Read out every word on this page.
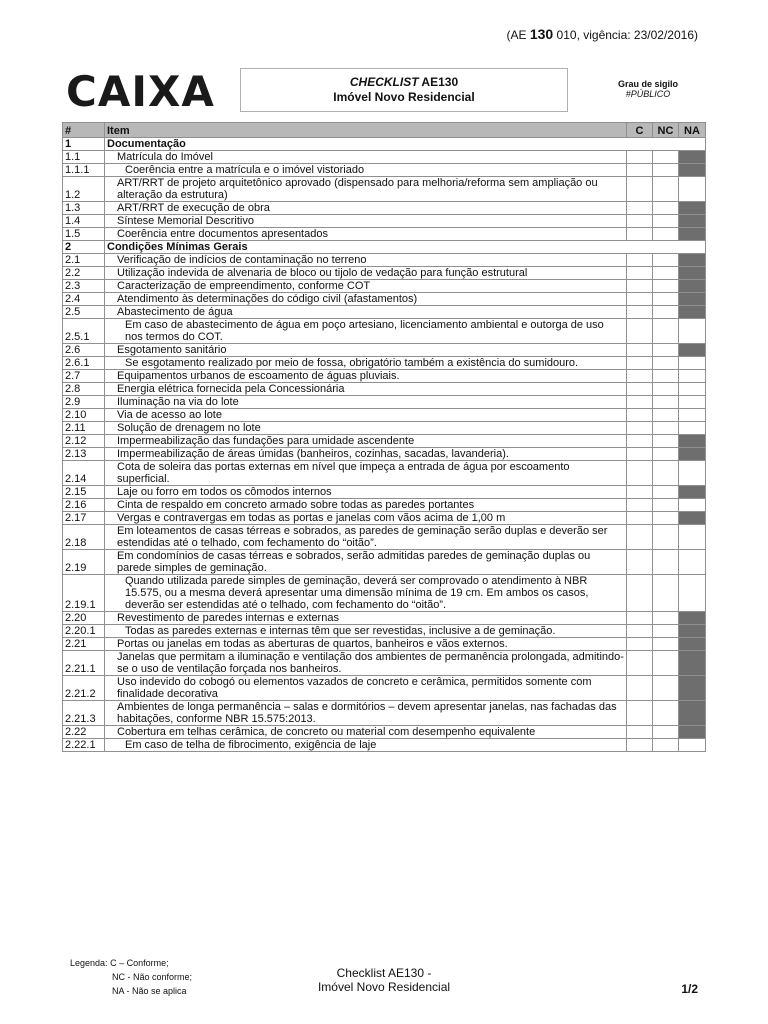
(AE 130 010, vigência: 23/02/2016)
CAIXA	CHECKLIST AE130
Imóvel Novo Residencial
Grau de sigilo
#PÚBLICO
#	Item	C	NC	NA
1	Documentação			
1.1	Matrícula do Imóvel			
1.1.1	Coerência entre a matrícula e o imóvel vistoriado			
1.2	ART/RRT de projeto arquitetônico aprovado (dispensado para melhoria/reforma sem ampliação ou alteração da estrutura)			
1.3	ART/RRT de execução de obra			
1.4	Síntese Memorial Descritivo			
1.5	Coerência entre documentos apresentados			
2	Condições Mínimas Gerais			
2.1	Verificação de indícios de contaminação no terreno			
2.2	Utilização indevida de alvenaria de bloco ou tijolo de vedação para função estrutural			
2.3	Caracterização de empreendimento, conforme COT			
2.4	Atendimento às determinações do código civil (afastamentos)			
2.5	Abastecimento de água			
2.5.1	Em caso de abastecimento de água em poço artesiano, licenciamento ambiental e outorga de uso nos termos do COT.			
2.6	Esgotamento sanitário			
2.6.1	Se esgotamento realizado por meio de fossa, obrigatório também a existência do sumidouro.			
2.7	Equipamentos urbanos de escoamento de águas pluviais.			
2.8	Energia elétrica fornecida pela Concessionária			
2.9	Iluminação na via do lote			
2.10	Via de acesso ao lote			
2.11	Solução de drenagem no lote			
2.12	Impermeabilização das fundações para umidade ascendente			
2.13	Impermeabilização de áreas úmidas (banheiros, cozinhas, sacadas, lavanderia).			
2.14	Cota de soleira das portas externas em nível que impeça a entrada de água por escoamento superficial.			
2.15	Laje ou forro em todos os cômodos internos			
2.16	Cinta de respaldo em concreto armado sobre todas as paredes portantes			
2.17	Vergas e contravergas em todas as portas e janelas com vãos acima de 1,00 m			
2.18	Em loteamentos de casas térreas e sobrados, as paredes de geminação serão duplas e deverão ser estendidas até o telhado, com fechamento do “oitão”.			
2.19	Em condomínios de casas térreas e sobrados, serão admitidas paredes de geminação duplas ou parede simples de geminação.			
2.19.1	Quando utilizada parede simples de geminação, deverá ser comprovado o atendimento à NBR 15.575, ou a mesma deverá apresentar uma dimensão mínima de 19 cm. Em ambos os casos, deverão ser estendidas até o telhado, com fechamento do “oitão”.			
2.20	Revestimento de paredes internas e externas			
2.20.1	Todas as paredes externas e internas têm que ser revestidas, inclusive a de geminação.			
2.21	Portas ou janelas em todas as aberturas de quartos, banheiros e vãos externos.			
2.21.1	Janelas que permitam a iluminação e ventilação dos ambientes de permanência prolongada, admitindo-se o uso de ventilação forçada nos banheiros.			
2.21.2	Uso indevido do cobogó ou elementos vazados de concreto e cerâmica, permitidos somente com finalidade decorativa			
2.21.3	Ambientes de longa permanência – salas e dormitórios – devem apresentar janelas, nas fachadas das habitações, conforme NBR 15.575:2013.			
2.22	Cobertura em telhas cerâmica, de concreto ou material com desempenho equivalente			
2.22.1	Em caso de telha de fibrocimento, exigência de laje			
Legenda: C – Conforme;
NC - Não conforme;
NA - Não se aplica
Checklist AE130 -
Imóvel Novo Residencial	1/2
